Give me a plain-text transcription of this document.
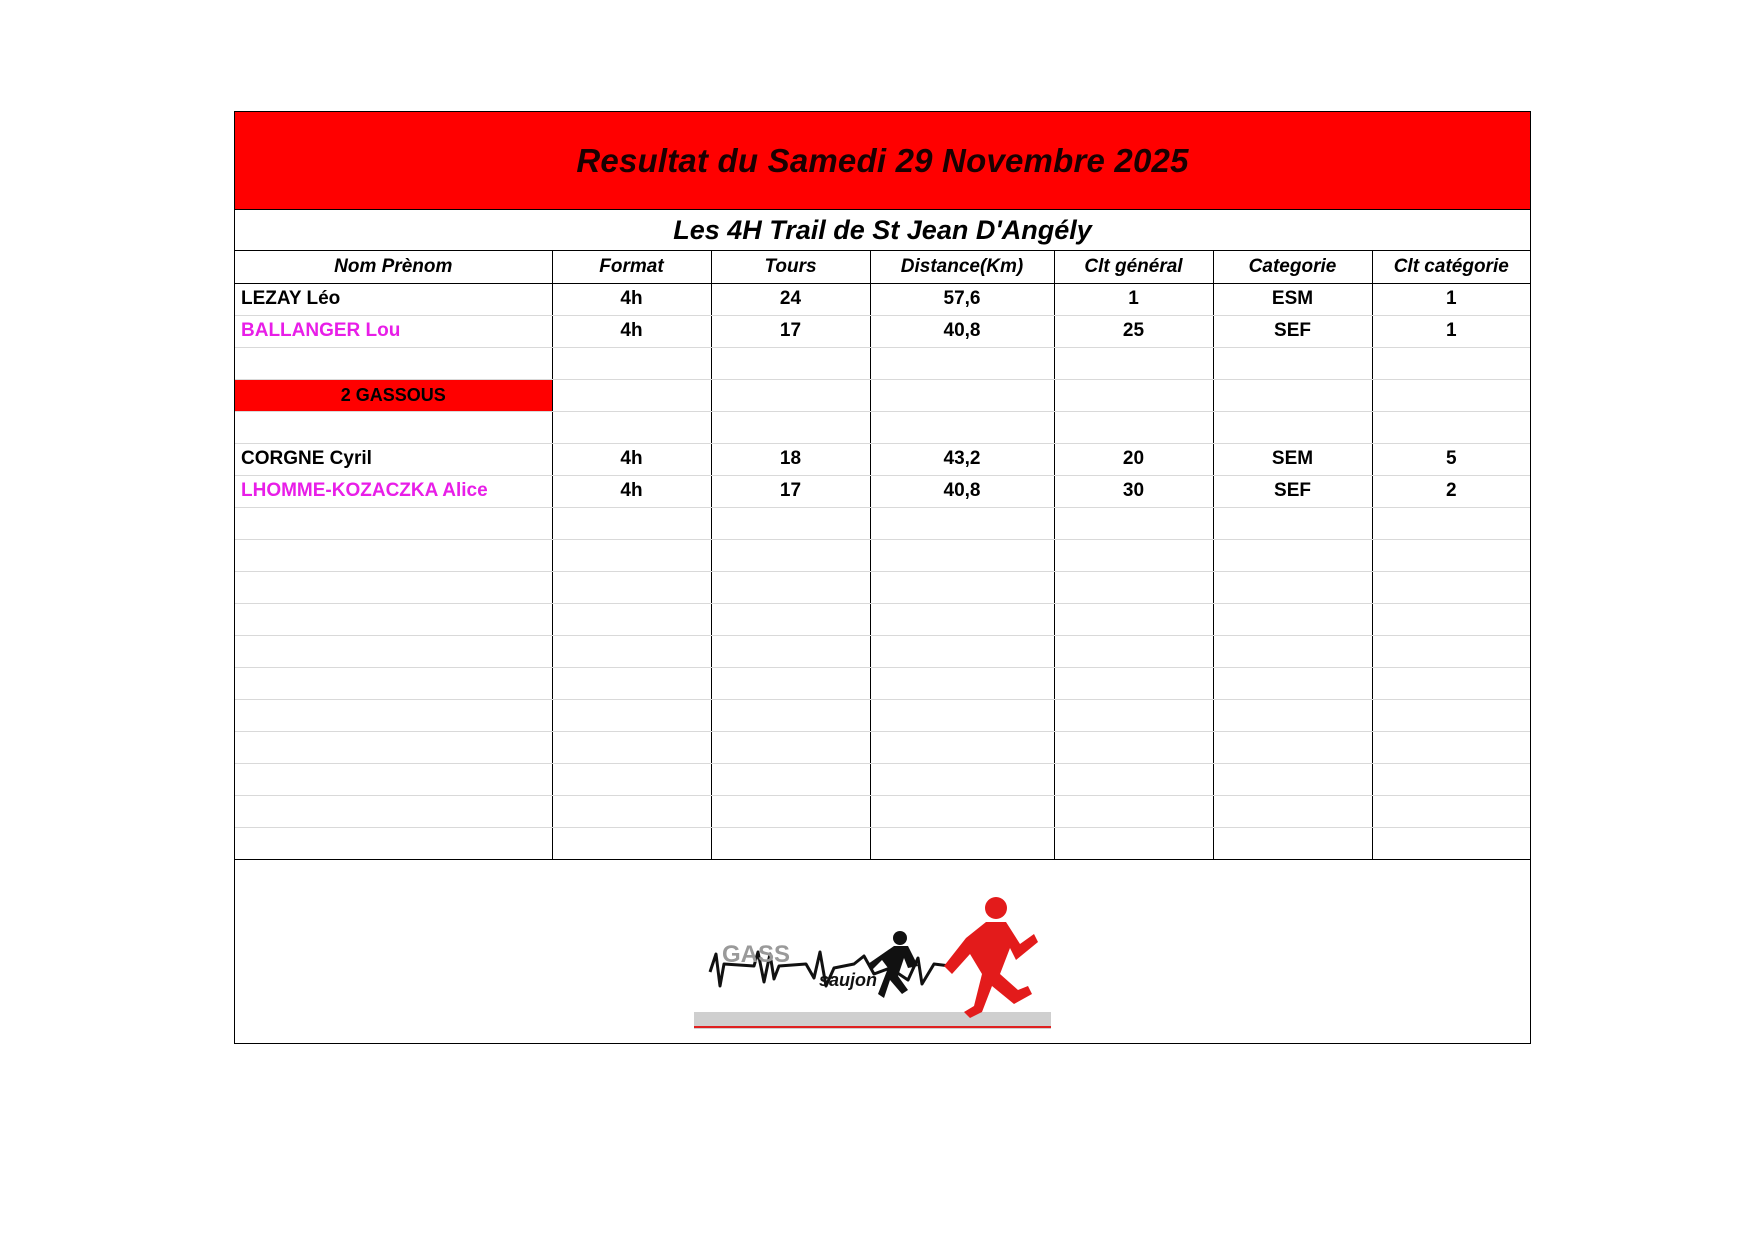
Resultat du Samedi 29 Novembre 2025
Les 4H Trail de St Jean D'Angély
Nom Prènom	Format	Tours	Distance(Km)	Clt général	Categorie	Clt catégorie
LEZAY Léo	4h	24	57,6	1	ESM	1
BALLANGER Lou	4h	17	40,8	25	SEF	1

2 GASSOUS						

CORGNE Cyril	4h	18	43,2	20	SEM	5
LHOMME-KOZACZKA Alice	4h	17	40,8	30	SEF	2

GASS
saujon
